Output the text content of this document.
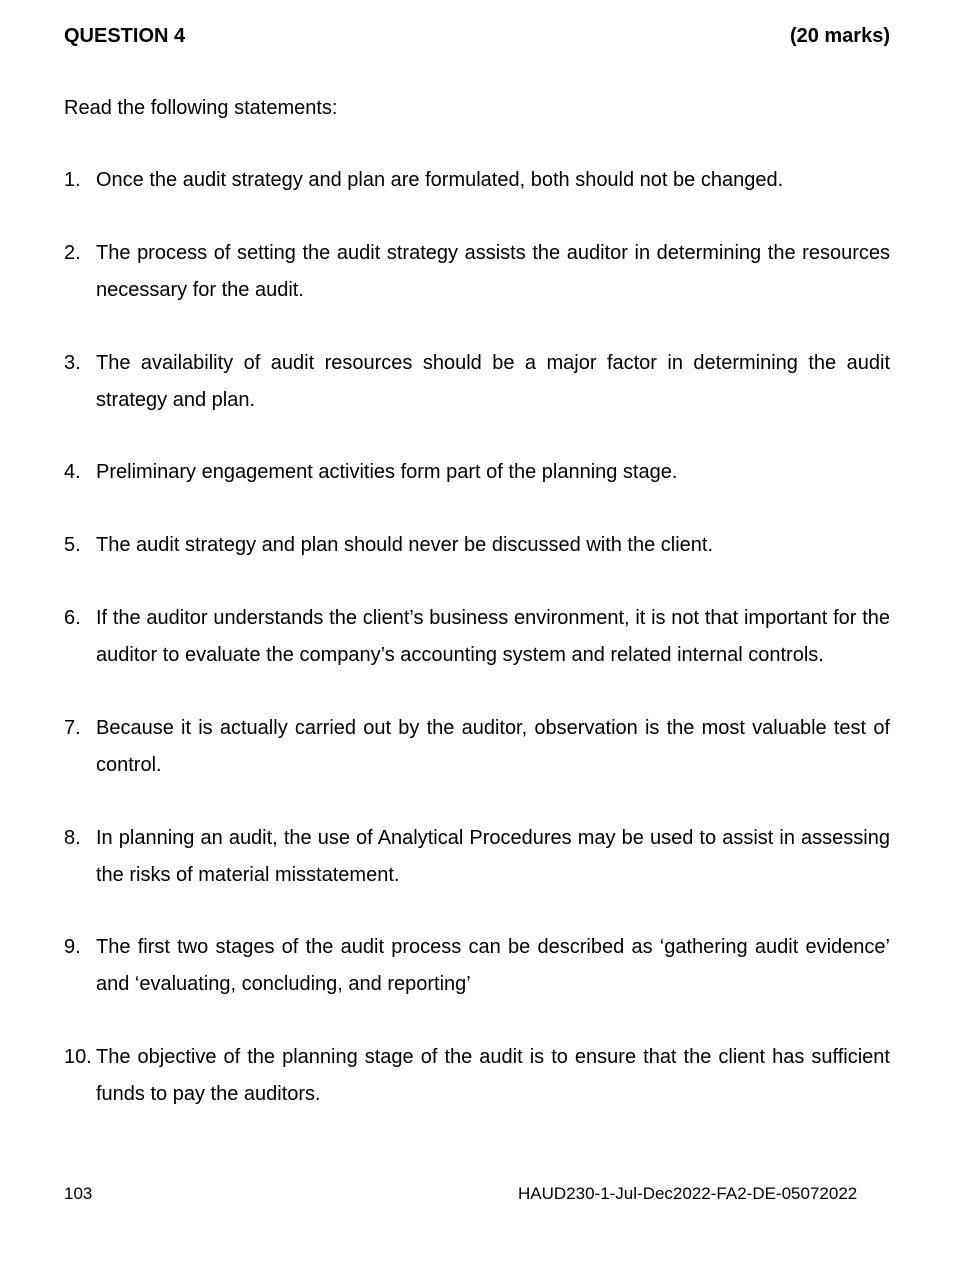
QUESTION 4	(20 marks)
Read the following statements:
1. Once the audit strategy and plan are formulated, both should not be changed.
2. The process of setting the audit strategy assists the auditor in determining the resources necessary for the audit.
3. The availability of audit resources should be a major factor in determining the audit strategy and plan.
4. Preliminary engagement activities form part of the planning stage.
5. The audit strategy and plan should never be discussed with the client.
6. If the auditor understands the client’s business environment, it is not that important for the auditor to evaluate the company’s accounting system and related internal controls.
7. Because it is actually carried out by the auditor, observation is the most valuable test of control.
8. In planning an audit, the use of Analytical Procedures may be used to assist in assessing the risks of material misstatement.
9. The first two stages of the audit process can be described as ‘gathering audit evidence’ and ‘evaluating, concluding, and reporting’
10. The objective of the planning stage of the audit is to ensure that the client has sufficient funds to pay the auditors.
103	HAUD230-1-Jul-Dec2022-FA2-DE-05072022
